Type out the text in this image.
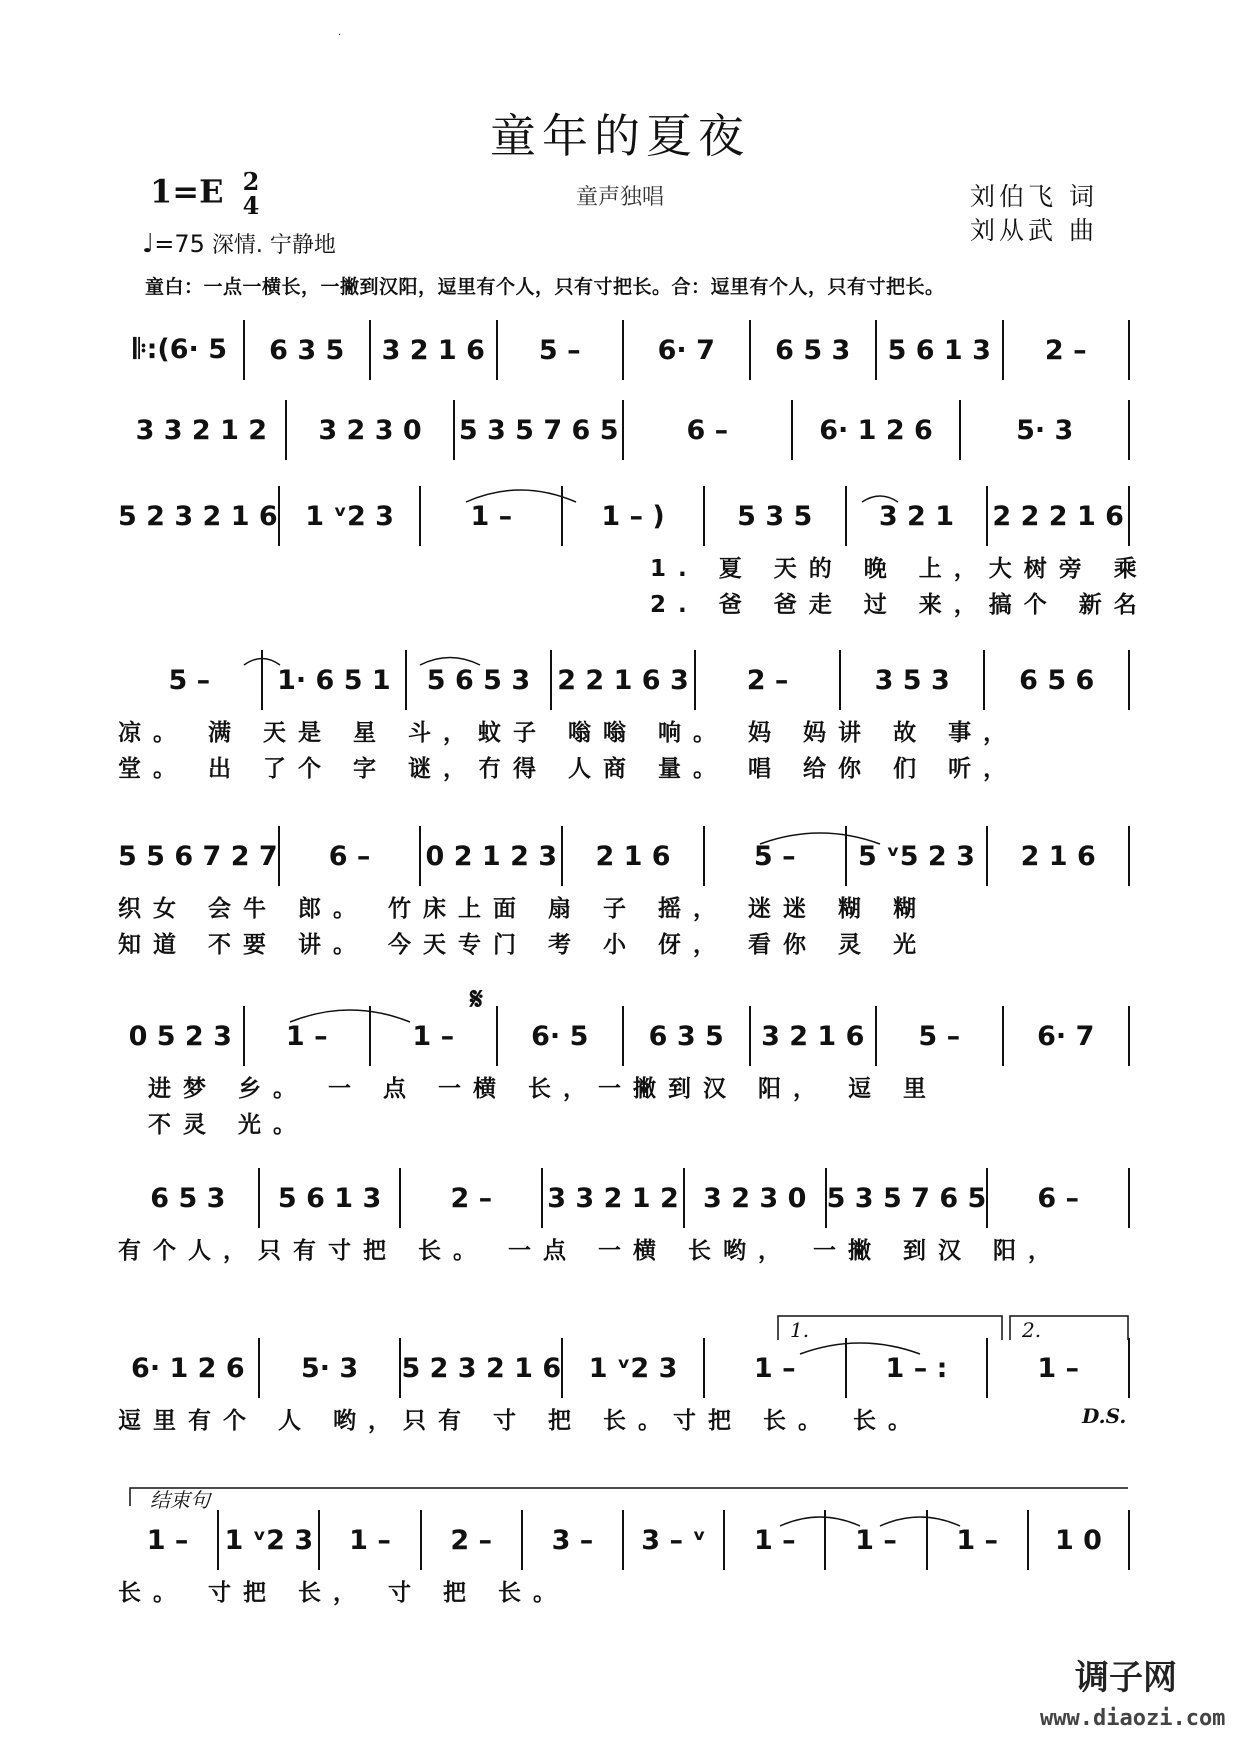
·
童年的夏夜
童声独唱
1=E 2
4
♩=75 深情. 宁静地
刘伯飞 词
刘从武 曲
童白：一点一横长，一撇到汉阳，逗里有个人，只有寸把长。合：逗里有个人，只有寸把长。
𝄆:(6· 5	6 3 5	3 2 1 6	5 –	6· 7	6 5 3	5 6 1 3	2 –
3 3 2 1 2	3 2 3 0	5 3 5 7 6 5	6 –	6· 1 2 6	5· 3
5 2 3 2 1 6	1 ᵛ2 3	1 –	1 – )	5 3 5	3 2 1	2 2 2 1 6
1. 夏 天的 晚 上，大树旁 乘
2. 爸 爸走 过 来，搞个 新名
5 –	1· 6 5 1	5 6 5 3	2 2 1 6 3	2 –	3 5 3	6 5 6
凉。 满 天是 星 斗，蚊子 嗡嗡 响。 妈 妈讲 故 事，
堂。 出 了个 字 谜，冇得 人商 量。 唱 给你 们 听，
5 5 6 7 2 7	6 –	0 2 1 2 3	2 1 6	5 –	5 ᵛ5 2 3	2 1 6
织女 会牛 郎。 竹床上面 扇 子 摇， 迷迷 糊 糊
知道 不要 讲。 今天专门 考 小 伢， 看你 灵 光
𝄋
0 5 2 3	1 –	1 –	6· 5	6 3 5	3 2 1 6	5 –	6· 7
进梦 乡。 一 点 一横 长，一撇到汉 阳， 逗 里
不灵 光。
6 5 3	5 6 1 3	2 –	3 3 2 1 2 3 2 3 0 5 3 5 7 6 5	6 –
有个人，只有寸把 长。 一点 一横 长哟， 一撇 到汉 阳，
1.	2.
6· 1 2 6	5· 3	5 2 3 2 1 6	1 ᵛ2 3	1 –	1 – :	1 –
逗里有个 人 哟，只有 寸 把 长。寸把 长。 长。	D.S.
结束句
1 –	1 ᵛ2 3	1 –	2 –	3 –	3 – ᵛ	1 –	1 –	1 –	1 0
长。 寸把 长， 寸 把 长。
调子网
www.diaozi.com
